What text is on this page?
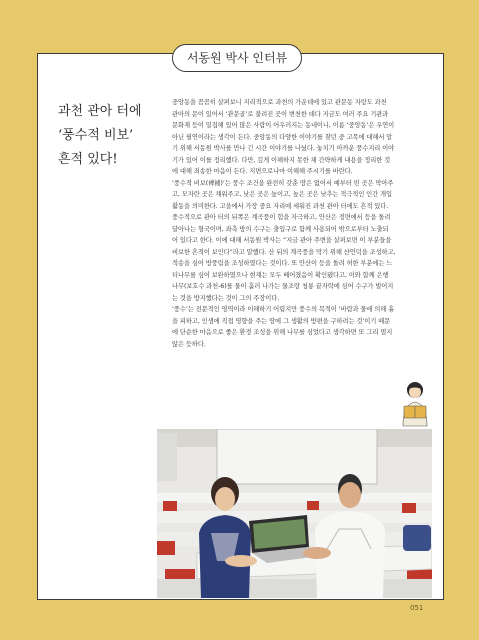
서동원 박사 인터뷰
과천 관아 터에
‘풍수적 비보’
흔적 있다!
중앙동을 꼼꼼히 살펴보니 지리적으로 과천의 가운데에 있고 관문동 자랑도 과천
관아의 문이 있어서 ‘관문골’로 불려진 곳이 변천한 데다 지금도 여러 주요 기관과
문화재 등이 밀집해 있어 많은 사람이 어우러지는 동네이니, 이름 ‘중앙동’은 우연이
아닌 필연이라는 생각이 든다. 중앙동의 다양한 이야기를 찾던 중 고목에 대해서 알
기 위해 서동원 박사를 만나 긴 시간 이야기를 나눴다. 놓치기 아까운 풍수지리 이야
기가 있어 이를 정리했다. 다만, 깊게 이해하지 못한 채 간략하게 내용을 정리한 것
에 대해 죄송한 마음이 든다. 지면으로나마 이해해 주시기를 바란다.
‘풍수적 비보(裨補)’는 풍수 조건을 완전히 갖춘 땅은 없어서 예부터 빈 곳은 막아주
고, 모자란 곳은 채워주고, 낮은 곳은 높이고, 높은 곳은 낮추는 적극적인 인간 개입
활동을 의미한다. 고을에서 가장 중요 자리에 세워진 과천 관아 터에도 흔적 있다.
풍수적으로 관아 터의 뒤쪽은 계곡풍이 험을 자극하고, 안산은 정면에서 등을 돌려
달아나는 형국이며, 좌측 방의 수구는 출입구로 함께 사용되어 밖으로부터 노출되
어 있다고 한다. 이에 대해 서동원 박사는 “지금 관아 주변을 살펴보면 이 부분들을
비보한 흔적이 보인다”라고 말했다. 산 뒤의 계곡풍을 막기 위해 산언덕을 조성하고,
적송을 심어 방풍림을 조성하였다는 것이다. 또 안산이 등을 돌려 허한 부분에는 느
티나무를 심어 보완하였으나 현재는 모두 베어졌음이 확인됐다고, 이와 함께 은행
나무(보호수 과천-6)를 물이 흘러 나가는 물조랑 청룡 끝자락에 심어 수구가 벌어지
는 것을 방지했다는 것이 그의 주장이다.
‘풍수’는 전문적인 영역이라 이해하기 어렵지만 풍수의 목적이 ‘바람과 물에 의해 흉
을 피하고, 인생에 직접 영향을 주는 땅에 그 생활의 방편을 구하려는 것’이기 때문
에 단순한 마음으로 좋은 환경 조성을 위해 나무를 심었다고 생각하면 또 그리 멀지
않은 듯하다.
051
